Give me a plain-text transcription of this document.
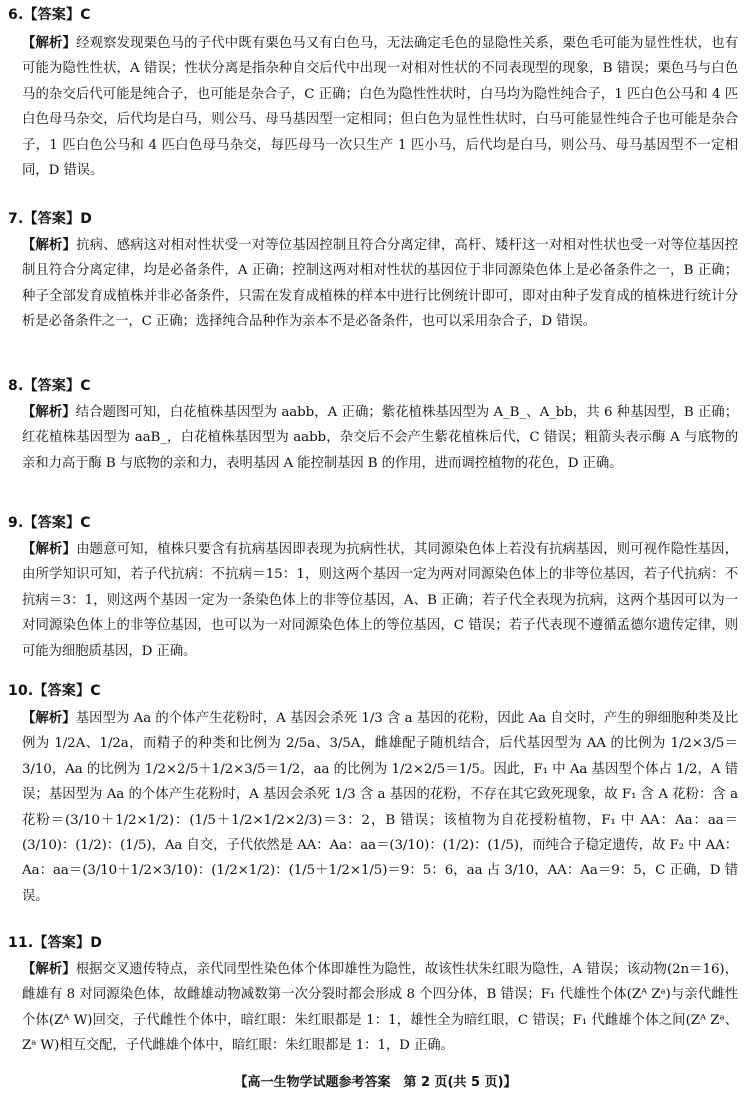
6.【答案】C

【解析】经观察发现栗色马的子代中既有栗色马又有白色马，无法确定毛色的显隐性关系，栗色毛可能为显性性状，也有可能为隐性性状，A 错误；性状分离是指杂种自交后代中出现一对相对性状的不同表现型的现象，B 错误；栗色马与白色马的杂交后代可能是纯合子，也可能是杂合子，C 正确；白色为隐性性状时，白马均为隐性纯合子，1 匹白色公马和 4 匹白色母马杂交，后代均是白马，则公马、母马基因型一定相同；但白色为显性性状时，白马可能显性纯合子也可能是杂合子，1 匹白色公马和 4 匹白色母马杂交，每匹母马一次只生产 1 匹小马，后代均是白马，则公马、母马基因型不一定相同，D 错误。

7.【答案】D

【解析】抗病、感病这对相对性状受一对等位基因控制且符合分离定律，高杆、矮杆这一对相对性状也受一对等位基因控制且符合分离定律，均是必备条件，A 正确；控制这两对相对性状的基因位于非同源染色体上是必备条件之一，B 正确；种子全部发育成植株并非必备条件，只需在发育成植株的样本中进行比例统计即可，即对由种子发育成的植株进行统计分析是必备条件之一，C 正确；选择纯合品种作为亲本不是必备条件，也可以采用杂合子，D 错误。

8.【答案】C

【解析】结合题图可知，白花植株基因型为 aabb，A 正确；紫花植株基因型为 A_B_、A_bb，共 6 种基因型，B 正确；红花植株基因型为 aaB_，白花植株基因型为 aabb，杂交后不会产生紫花植株后代，C 错误；粗箭头表示酶 A 与底物的亲和力高于酶 B 与底物的亲和力，表明基因 A 能控制基因 B 的作用，进而调控植物的花色，D 正确。

9.【答案】C

【解析】由题意可知，植株只要含有抗病基因即表现为抗病性状，其同源染色体上若没有抗病基因，则可视作隐性基因，由所学知识可知，若子代抗病：不抗病＝15：1，则这两个基因一定为两对同源染色体上的非等位基因，若子代抗病：不抗病＝3：1，则这两个基因一定为一条染色体上的非等位基因，A、B 正确；若子代全表现为抗病，这两个基因可以为一对同源染色体上的非等位基因，也可以为一对同源染色体上的等位基因，C 错误；若子代表现不遵循孟德尔遗传定律，则可能为细胞质基因，D 正确。

10.【答案】C

【解析】基因型为 Aa 的个体产生花粉时，A 基因会杀死 1/3 含 a 基因的花粉，因此 Aa 自交时，产生的卵细胞种类及比例为 1/2A、1/2a，而精子的种类和比例为 2/5a、3/5A，雌雄配子随机结合，后代基因型为 AA 的比例为 1/2×3/5＝3/10，Aa 的比例为 1/2×2/5＋1/2×3/5＝1/2，aa 的比例为 1/2×2/5＝1/5。因此，F₁ 中 Aa 基因型个体占 1/2，A 错误；基因型为 Aa 的个体产生花粉时，A 基因会杀死 1/3 含 a 基因的花粉，不存在其它致死现象，故 F₁ 含 A 花粉：含 a 花粉＝(3/10＋1/2×1/2)：(1/5＋1/2×1/2×2/3)＝3：2，B 错误；该植物为自花授粉植物，F₁ 中 AA：Aa：aa＝(3/10)：(1/2)：(1/5)，Aa 自交，子代依然是 AA：Aa：aa＝(3/10)：(1/2)：(1/5)，而纯合子稳定遗传，故 F₂ 中 AA：Aa：aa＝(3/10＋1/2×3/10)：(1/2×1/2)：(1/5＋1/2×1/5)＝9：5：6，aa 占 3/10，AA：Aa＝9：5，C 正确，D 错误。

11.【答案】D

【解析】根据交叉遗传特点，亲代同型性染色体个体即雄性为隐性，故该性状朱红眼为隐性，A 错误；该动物(2n＝16)，雌雄有 8 对同源染色体，故雌雄动物减数第一次分裂时都会形成 8 个四分体，B 错误；F₁ 代雄性个体(Zᴬ Zᵃ)与亲代雌性个体(Zᴬ W)回交，子代雌性个体中，暗红眼：朱红眼都是 1：1，雄性全为暗红眼，C 错误；F₁ 代雌雄个体之间(Zᴬ Zᵃ、Zᵃ W)相互交配，子代雌雄个体中，暗红眼：朱红眼都是 1：1，D 正确。

【高一生物学试题参考答案　第 2 页(共 5 页)】
